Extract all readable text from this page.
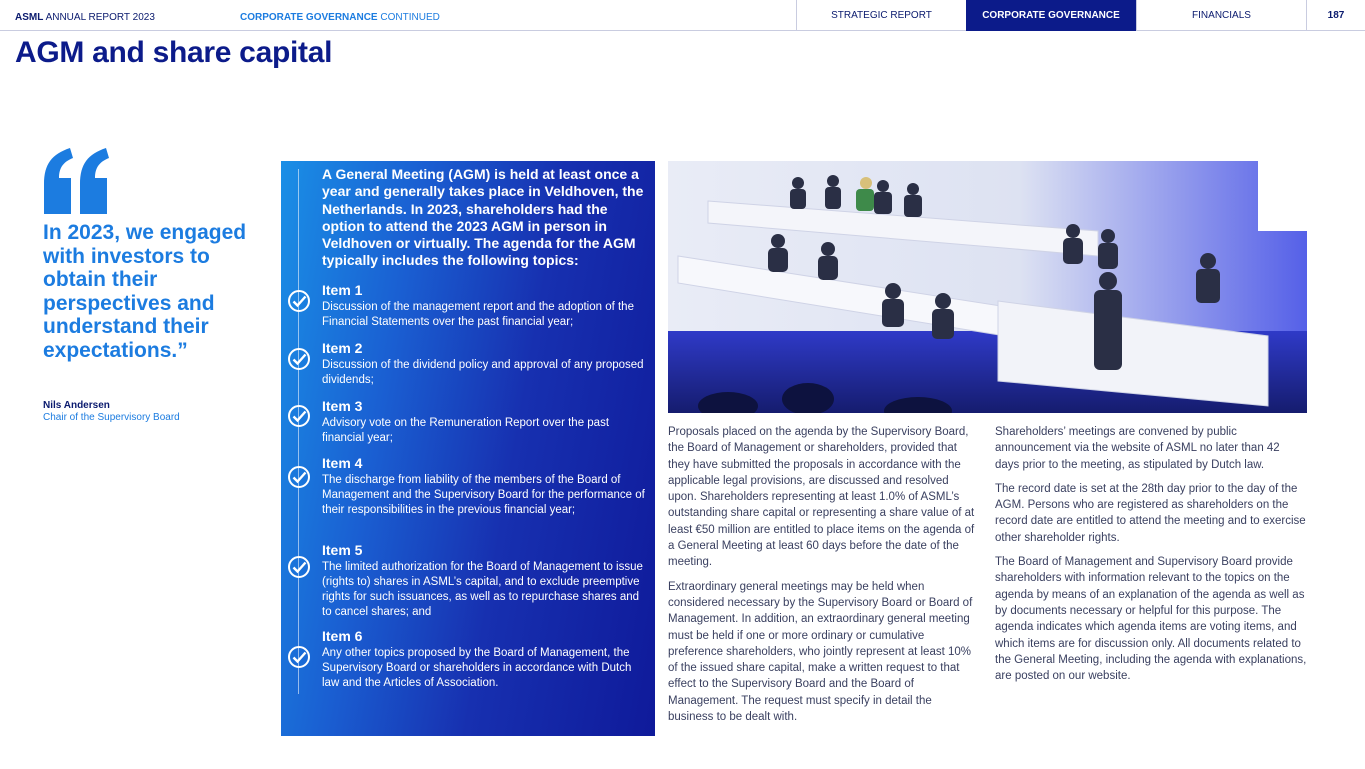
ASML ANNUAL REPORT 2023	CORPORATE GOVERNANCE CONTINUED	STRATEGIC REPORT	CORPORATE GOVERNANCE	FINANCIALS	187
AGM and share capital
In 2023, we engaged with investors to obtain their perspectives and understand their expectations.”
Nils Andersen
Chair of the Supervisory Board
A General Meeting (AGM) is held at least once a year and generally takes place in Veldhoven, the Netherlands. In 2023, shareholders had the option to attend the 2023 AGM in person in Veldhoven or virtually. The agenda for the AGM typically includes the following topics:
Item 1
Discussion of the management report and the adoption of the Financial Statements over the past financial year;
Item 2
Discussion of the dividend policy and approval of any proposed dividends;
Item 3
Advisory vote on the Remuneration Report over the past financial year;
Item 4
The discharge from liability of the members of the Board of Management and the Supervisory Board for the performance of their responsibilities in the previous financial year;
Item 5
The limited authorization for the Board of Management to issue (rights to) shares in ASML’s capital, and to exclude preemptive rights for such issuances, as well as to repurchase shares and to cancel shares; and
Item 6
Any other topics proposed by the Board of Management, the Supervisory Board or shareholders in accordance with Dutch law and the Articles of Association.

Proposals placed on the agenda by the Supervisory Board, the Board of Management or shareholders, provided that they have submitted the proposals in accordance with the applicable legal provisions, are discussed and resolved upon. Shareholders representing at least 1.0% of ASML’s outstanding share capital or representing a share value of at least €50 million are entitled to place items on the agenda of a General Meeting at least 60 days before the date of the meeting.

Extraordinary general meetings may be held when considered necessary by the Supervisory Board or Board of Management. In addition, an extraordinary general meeting must be held if one or more ordinary or cumulative preference shareholders, who jointly represent at least 10% of the issued share capital, make a written request to that effect to the Supervisory Board and the Board of Management. The request must specify in detail the business to be dealt with.

Shareholders’ meetings are convened by public announcement via the website of ASML no later than 42 days prior to the meeting, as stipulated by Dutch law.

The record date is set at the 28th day prior to the day of the AGM. Persons who are registered as shareholders on the record date are entitled to attend the meeting and to exercise other shareholder rights.

The Board of Management and Supervisory Board provide shareholders with information relevant to the topics on the agenda by means of an explanation of the agenda as well as by documents necessary or helpful for this purpose. The agenda indicates which agenda items are voting items, and which items are for discussion only. All documents related to the General Meeting, including the agenda with explanations, are posted on our website.
